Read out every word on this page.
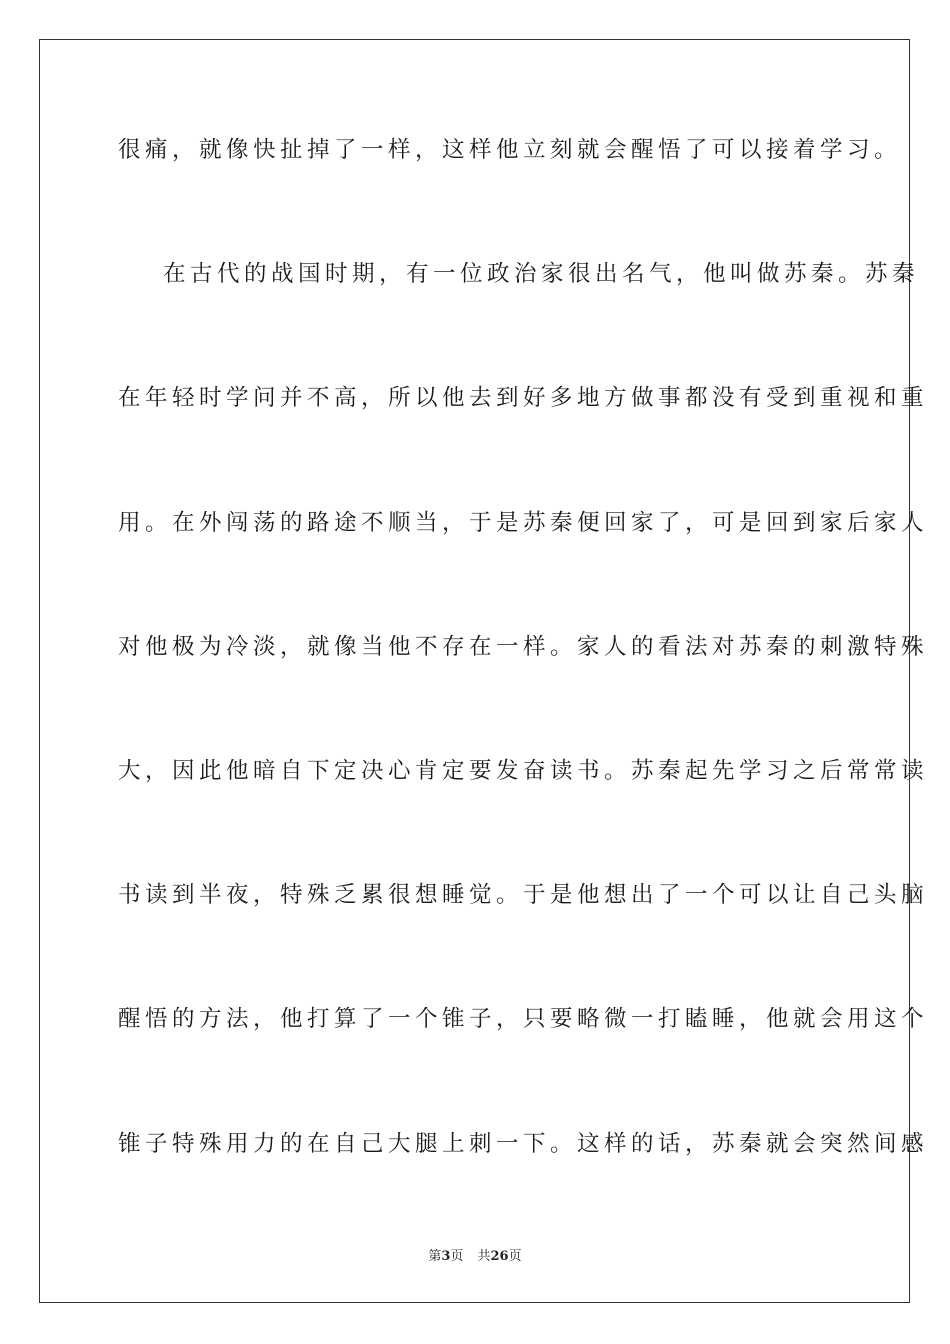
很痛，就像快扯掉了一样，这样他立刻就会醒悟了可以接着学习。
在古代的战国时期，有一位政治家很出名气，他叫做苏秦。苏秦
在年轻时学问并不高，所以他去到好多地方做事都没有受到重视和重
用。在外闯荡的路途不顺当，于是苏秦便回家了，可是回到家后家人
对他极为冷淡，就像当他不存在一样。家人的看法对苏秦的刺激特殊
大，因此他暗自下定决心肯定要发奋读书。苏秦起先学习之后常常读
书读到半夜，特殊乏累很想睡觉。于是他想出了一个可以让自己头脑
醒悟的方法，他打算了一个锥子，只要略微一打瞌睡，他就会用这个
锥子特殊用力的在自己大腿上刺一下。这样的话，苏秦就会突然间感
第3页 共26页
